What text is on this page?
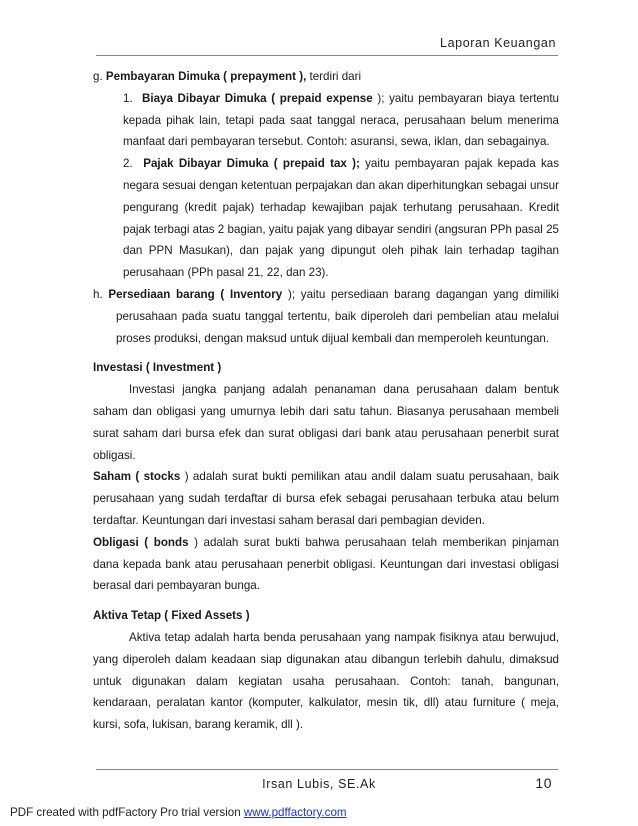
Laporan Keuangan

g. Pembayaran Dimuka ( prepayment ), terdiri dari

1. Biaya Dibayar Dimuka ( prepaid expense ); yaitu pembayaran biaya tertentu kepada pihak lain, tetapi pada saat tanggal neraca, perusahaan belum menerima manfaat dari pembayaran tersebut. Contoh: asuransi, sewa, iklan, dan sebagainya.

2. Pajak Dibayar Dimuka ( prepaid tax ); yaitu pembayaran pajak kepada kas negara sesuai dengan ketentuan perpajakan dan akan diperhitungkan sebagai unsur pengurang (kredit pajak) terhadap kewajiban pajak terhutang perusahaan. Kredit pajak terbagi atas 2 bagian, yaitu pajak yang dibayar sendiri (angsuran PPh pasal 25 dan PPN Masukan), dan pajak yang dipungut oleh pihak lain terhadap tagihan perusahaan (PPh pasal 21, 22, dan 23).

h. Persediaan barang ( Inventory ); yaitu persediaan barang dagangan yang dimiliki perusahaan pada suatu tanggal tertentu, baik diperoleh dari pembelian atau melalui proses produksi, dengan maksud untuk dijual kembali dan memperoleh keuntungan.

Investasi ( Investment )

Investasi jangka panjang adalah penanaman dana perusahaan dalam bentuk saham dan obligasi yang umurnya lebih dari satu tahun. Biasanya perusahaan membeli surat saham dari bursa efek dan surat obligasi dari bank atau perusahaan penerbit surat obligasi.

Saham ( stocks ) adalah surat bukti pemilikan atau andil dalam suatu perusahaan, baik perusahaan yang sudah terdaftar di bursa efek sebagai perusahaan terbuka atau belum terdaftar. Keuntungan dari investasi saham berasal dari pembagian deviden.

Obligasi ( bonds ) adalah surat bukti bahwa perusahaan telah memberikan pinjaman dana kepada bank atau perusahaan penerbit obligasi. Keuntungan dari investasi obligasi berasal dari pembayaran bunga.

Aktiva Tetap ( Fixed Assets )

Aktiva tetap adalah harta benda perusahaan yang nampak fisiknya atau berwujud, yang diperoleh dalam keadaan siap digunakan atau dibangun terlebih dahulu, dimaksud untuk digunakan dalam kegiatan usaha perusahaan. Contoh: tanah, bangunan, kendaraan, peralatan kantor (komputer, kalkulator, mesin tik, dll) atau furniture ( meja, kursi, sofa, lukisan, barang keramik, dll ).

Irsan Lubis, SE.Ak	10
PDF created with pdfFactory Pro trial version www.pdffactory.com
